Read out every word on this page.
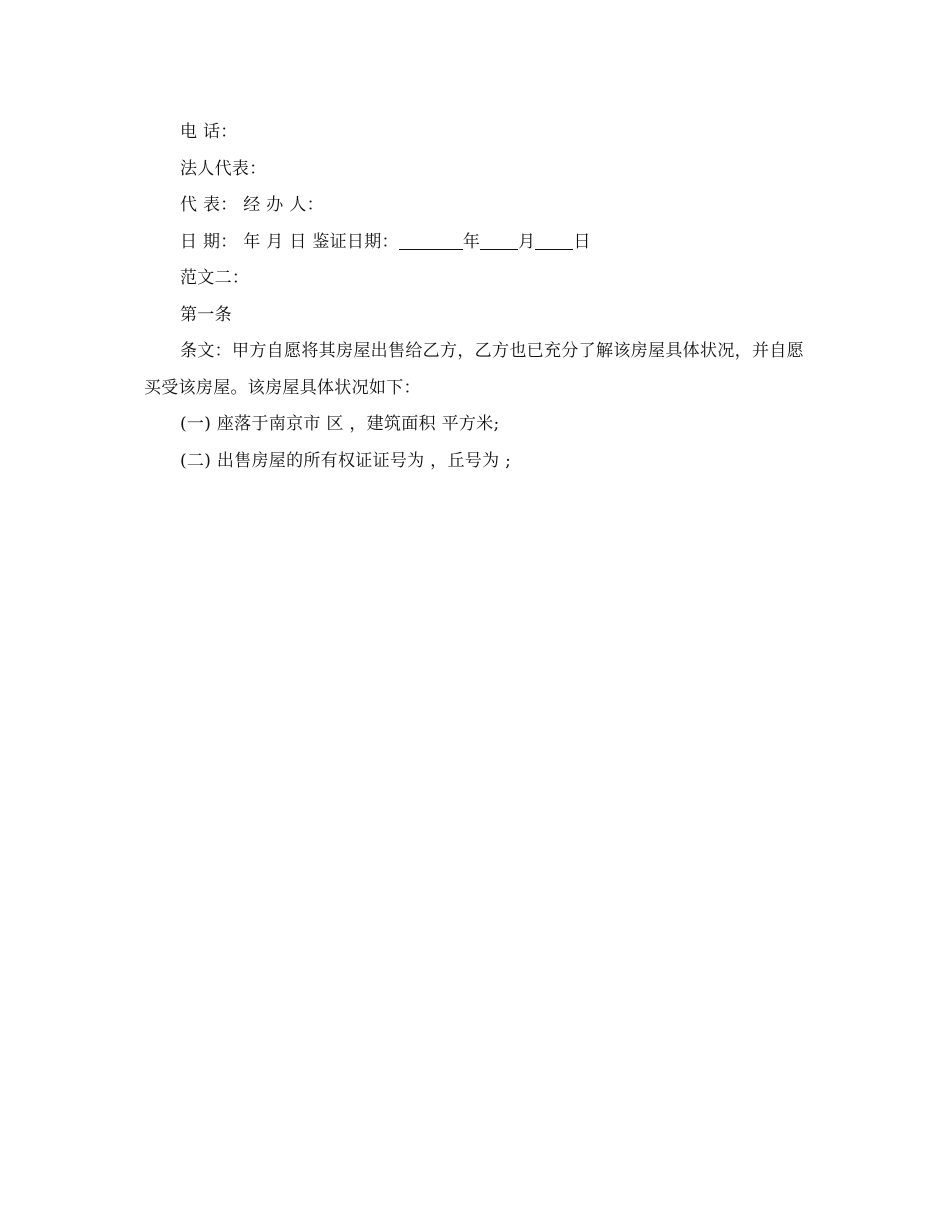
电 话：

法人代表：

代 表： 经 办 人：

日 期： 年 月 日 鉴证日期：	年 月 日

范文二：

第一条

条文：甲方自愿将其房屋出售给乙方，乙方也已充分了解该房屋具体状况，并自愿买受该房屋。该房屋具体状况如下：

(一) 座落于南京市 区 ，建筑面积 平方米;

(二) 出售房屋的所有权证证号为 ，丘号为 ;
